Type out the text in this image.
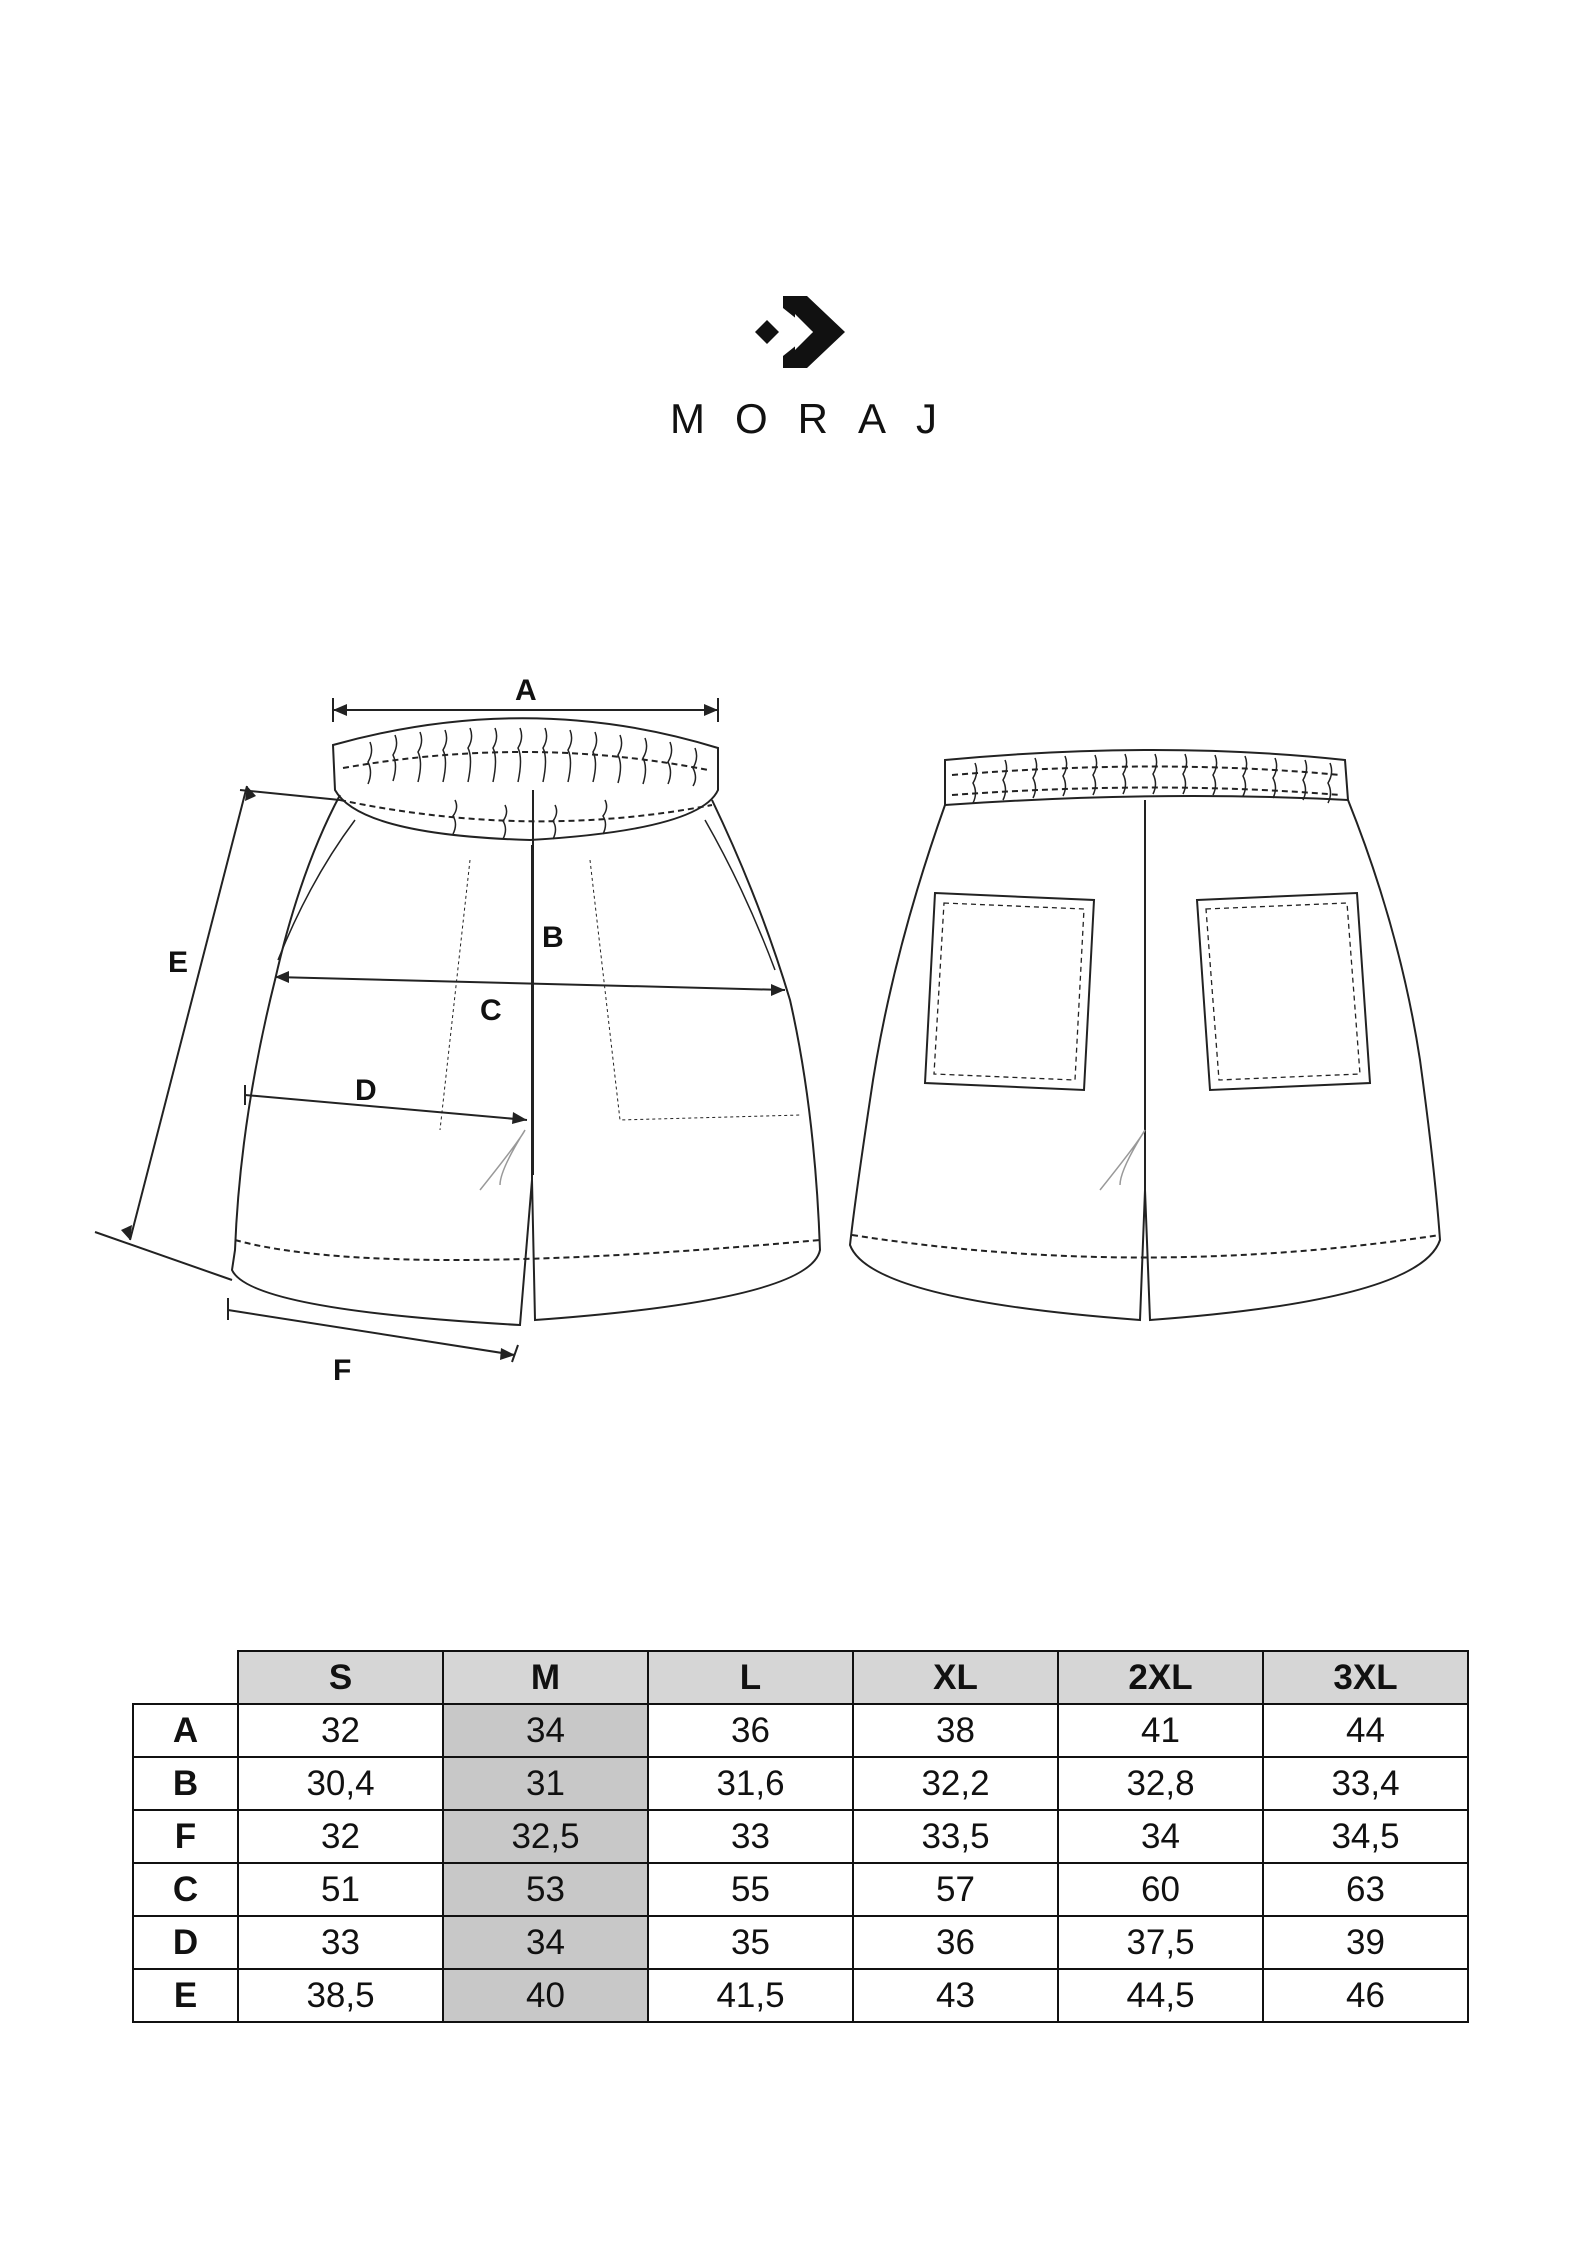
MORAJ
A
B
C
D
E
F
	S	M	L	XL	2XL	3XL
A	32	34	36	38	41	44
B	30,4	31	31,6	32,2	32,8	33,4
F	32	32,5	33	33,5	34	34,5
C	51	53	55	57	60	63
D	33	34	35	36	37,5	39
E	38,5	40	41,5	43	44,5	46
